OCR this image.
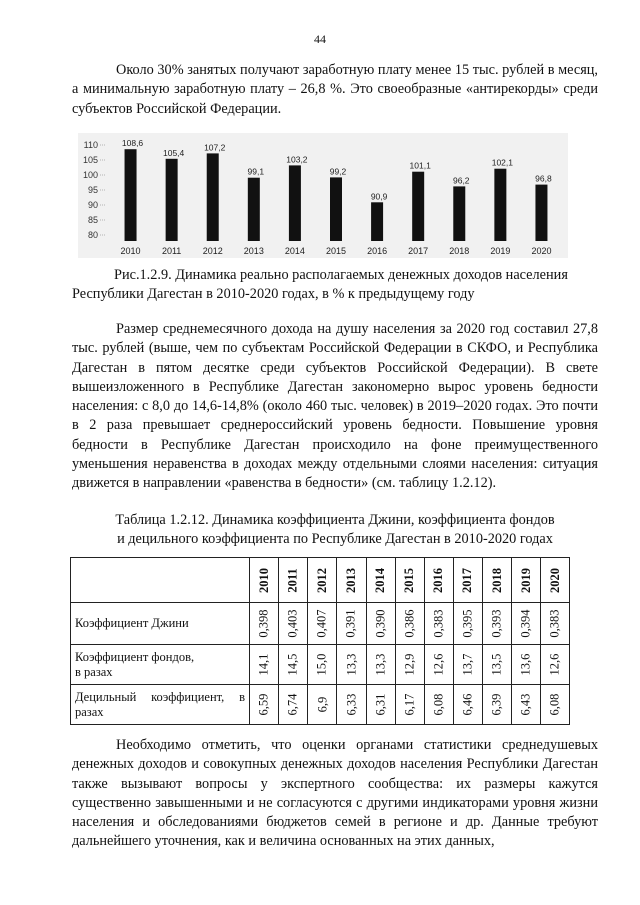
44

Около 30% занятых получают заработную плату менее 15 тыс. рублей в месяц, а минимальную заработную плату – 26,8 %. Это своеобразные «антирекорды» среди субъектов Российской Федерации.

80
85
90
95
100
105
110	108,6
105,4
107,2
99,1
103,2
99,2
90,9
101,1
96,2
102,1
96,8
2010 2011 2012 2013 2014 2015 2016 2017 2018 2019 2020
Рис.1.2.9. Динамика реально располагаемых денежных доходов населения
Республики Дагестан в 2010-2020 годах, в % к предыдущему году

Размер среднемесячного дохода на душу населения за 2020 год составил 27,8 тыс. рублей (выше, чем по субъектам Российской Федерации в СКФО, и Республика Дагестан в пятом десятке среди субъектов Российской Федерации). В свете вышеизложенного в Республике Дагестан закономерно вырос уровень бедности населения: с 8,0 до 14,6-14,8% (около 460 тыс. человек) в 2019–2020 годах. Это почти в 2 раза превышает среднероссийский уровень бедности. Повышение уровня бедности в Республике Дагестан происходило на фоне преимущественного уменьшения неравенства в доходах между отдельными слоями населения: ситуация движется в направлении «равенства в бедности» (см. таблицу 1.2.12).

Таблица 1.2.12. Динамика коэффициента Джини, коэффициента фондов
и децильного коэффициента по Республике Дагестан в 2010-2020 годах
	2010	2011	2012	2013	2014	2015	2016	2017	2018	2019	2020
Коэффициент Джини	0,398	0,403	0,407	0,391	0,390	0,386	0,383	0,395	0,393	0,394	0,383
Коэффициент фондов,
в разах	14,1	14,5	15,0	13,3	13,3	12,9	12,6	13,7	13,5	13,6	12,6

Децильный коэффициент, в
разах	6,59	6,74	6,9	6,33	6,31	6,17	6,08	6,46	6,39	6,43	6,08

Необходимо отметить, что оценки органами статистики среднедушевых денежных доходов и совокупных денежных доходов населения Республики Дагестан также вызывают вопросы у экспертного сообщества: их размеры кажутся существенно завышенными и не согласуются с другими индикаторами уровня жизни населения и обследованиями бюджетов семей в регионе и др. Данные требуют дальнейшего уточнения, как и величина основанных на этих данных,
